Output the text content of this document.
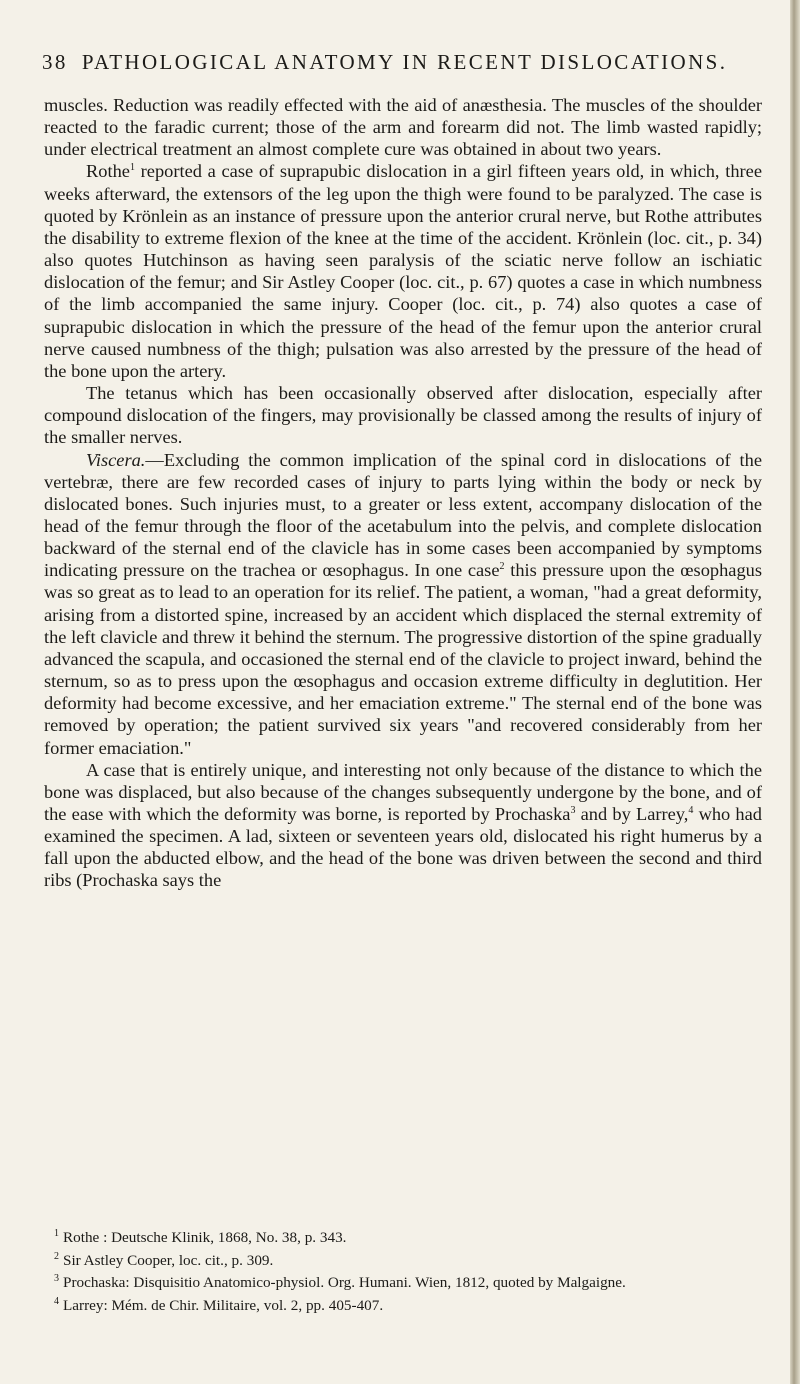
38 PATHOLOGICAL ANATOMY IN RECENT DISLOCATIONS.

muscles. Reduction was readily effected with the aid of anæsthesia. The muscles of the shoulder reacted to the faradic current; those of the arm and forearm did not. The limb wasted rapidly; under electrical treatment an almost complete cure was obtained in about two years.

Rothe$^1$ reported a case of suprapubic dislocation in a girl fifteen years old, in which, three weeks afterward, the extensors of the leg upon the thigh were found to be paralyzed. The case is quoted by Krönlein as an instance of pressure upon the anterior crural nerve, but Rothe attributes the disability to extreme flexion of the knee at the time of the accident. Krönlein (loc. cit., p. 34) also quotes Hutchinson as having seen paralysis of the sciatic nerve follow an ischiatic dislocation of the femur; and Sir Astley Cooper (loc. cit., p. 67) quotes a case in which numbness of the limb accompanied the same injury. Cooper (loc. cit., p. 74) also quotes a case of suprapubic dislocation in which the pressure of the head of the femur upon the anterior crural nerve caused numbness of the thigh; pulsation was also arrested by the pressure of the head of the bone upon the artery.

The tetanus which has been occasionally observed after dislocation, especially after compound dislocation of the fingers, may provisionally be classed among the results of injury of the smaller nerves.

Viscera.—Excluding the common implication of the spinal cord in dislocations of the vertebræ, there are few recorded cases of injury to parts lying within the body or neck by dislocated bones. Such injuries must, to a greater or less extent, accompany dislocation of the head of the femur through the floor of the acetabulum into the pelvis, and complete dislocation backward of the sternal end of the clavicle has in some cases been accompanied by symptoms indicating pressure on the trachea or œsophagus. In one case$^2$ this pressure upon the œsophagus was so great as to lead to an operation for its relief. The patient, a woman, "had a great deformity, arising from a distorted spine, increased by an accident which displaced the sternal extremity of the left clavicle and threw it behind the sternum. The progressive distortion of the spine gradually advanced the scapula, and occasioned the sternal end of the clavicle to project inward, behind the sternum, so as to press upon the œsophagus and occasion extreme difficulty in deglutition. Her deformity had become excessive, and her emaciation extreme." The sternal end of the bone was removed by operation; the patient survived six years "and recovered considerably from her former emaciation."

A case that is entirely unique, and interesting not only because of the distance to which the bone was displaced, but also because of the changes subsequently undergone by the bone, and of the ease with which the deformity was borne, is reported by Prochaska$^3$ and by Larrey,$^4$ who had examined the specimen. A lad, sixteen or seventeen years old, dislocated his right humerus by a fall upon the abducted elbow, and the head of the bone was driven between the second and third ribs (Prochaska says the

$^1$ Rothe : Deutsche Klinik, 1868, No. 38, p. 343.

$^2$ Sir Astley Cooper, loc. cit., p. 309.

$^3$ Prochaska: Disquisitio Anatomico-physiol. Org. Humani. Wien, 1812, quoted by Malgaigne.

$^4$ Larrey: Mém. de Chir. Militaire, vol. 2, pp. 405-407.
